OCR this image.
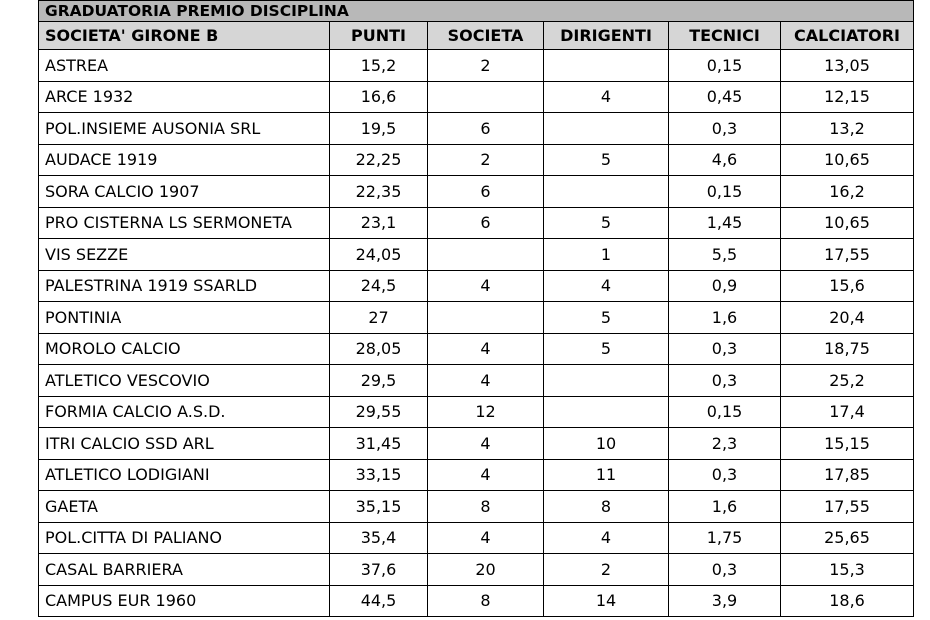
GRADUATORIA PREMIO DISCIPLINA					
SOCIETA' GIRONE B	PUNTI	SOCIETA	DIRIGENTI	TECNICI	CALCIATORI
ASTREA	15,2	2		0,15	13,05
ARCE 1932	16,6		4	0,45	12,15
POL.INSIEME AUSONIA SRL	19,5	6		0,3	13,2
AUDACE 1919	22,25	2	5	4,6	10,65
SORA CALCIO 1907	22,35	6		0,15	16,2
PRO CISTERNA LS SERMONETA	23,1	6	5	1,45	10,65
VIS SEZZE	24,05		1	5,5	17,55
PALESTRINA 1919 SSARLD	24,5	4	4	0,9	15,6
PONTINIA	27		5	1,6	20,4
MOROLO CALCIO	28,05	4	5	0,3	18,75
ATLETICO VESCOVIO	29,5	4		0,3	25,2
FORMIA CALCIO A.S.D.	29,55	12		0,15	17,4
ITRI CALCIO SSD ARL	31,45	4	10	2,3	15,15
ATLETICO LODIGIANI	33,15	4	11	0,3	17,85
GAETA	35,15	8	8	1,6	17,55
POL.CITTA DI PALIANO	35,4	4	4	1,75	25,65
CASAL BARRIERA	37,6	20	2	0,3	15,3
CAMPUS EUR 1960	44,5	8	14	3,9	18,6
